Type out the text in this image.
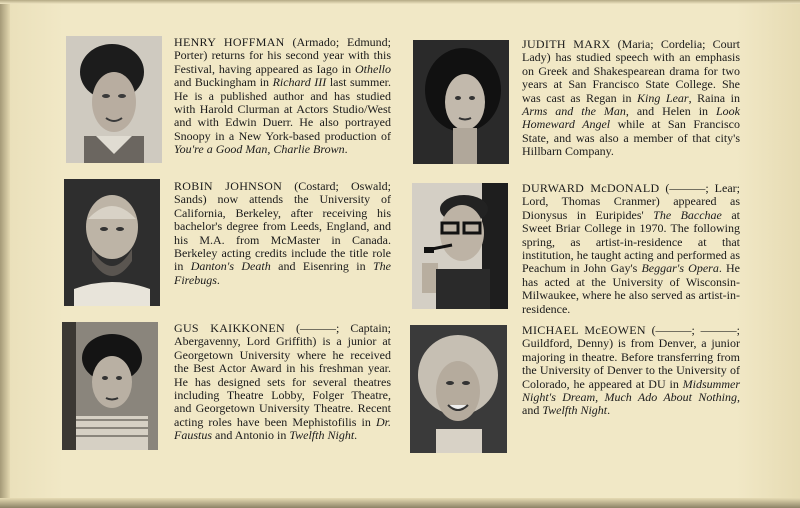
HENRY HOFFMAN (Armado; Edmund; Porter) returns for his second year with this Festival, having appeared as Iago in Othello and Buckingham in Richard III last summer. He is a published author and has studied with Harold Clurman at Actors Studio/West and with Edwin Duerr. He also portrayed Snoopy in a New York-based production of You're a Good Man, Charlie Brown.
ROBIN JOHNSON (Costard; Oswald; Sands) now attends the University of California, Berkeley, after receiving his bachelor's degree from Leeds, England, and his M.A. from McMaster in Canada. Berkeley acting credits include the title role in Danton's Death and Eisenring in The Firebugs.
GUS KAIKKONEN (———; Captain; Abergavenny, Lord Griffith) is a junior at Georgetown University where he received the Best Actor Award in his freshman year. He has designed sets for several theatres including Theatre Lobby, Folger Theatre, and Georgetown University Theatre. Recent acting roles have been Mephistofilis in Dr. Faustus and Antonio in Twelfth Night.
JUDITH MARX (Maria; Cordelia; Court Lady) has studied speech with an emphasis on Greek and Shakespearean drama for two years at San Francisco State College. She was cast as Regan in King Lear, Raina in Arms and the Man, and Helen in Look Homeward Angel while at San Francisco State, and was also a member of that city's Hillbarn Company.
DURWARD McDONALD (———; Lear; Lord, Thomas Cranmer) appeared as Dionysus in Euripides' The Bacchae at Sweet Briar College in 1970. The following spring, as artist-in-residence at that institution, he taught acting and performed as Peachum in John Gay's Beggar's Opera. He has acted at the University of Wisconsin-Milwaukee, where he also served as artist-in-residence.
MICHAEL McEOWEN (———; ———; Guildford, Denny) is from Denver, a junior majoring in theatre. Before transferring from the University of Denver to the University of Colorado, he appeared at DU in Midsummer Night's Dream, Much Ado About Nothing, and Twelfth Night.
